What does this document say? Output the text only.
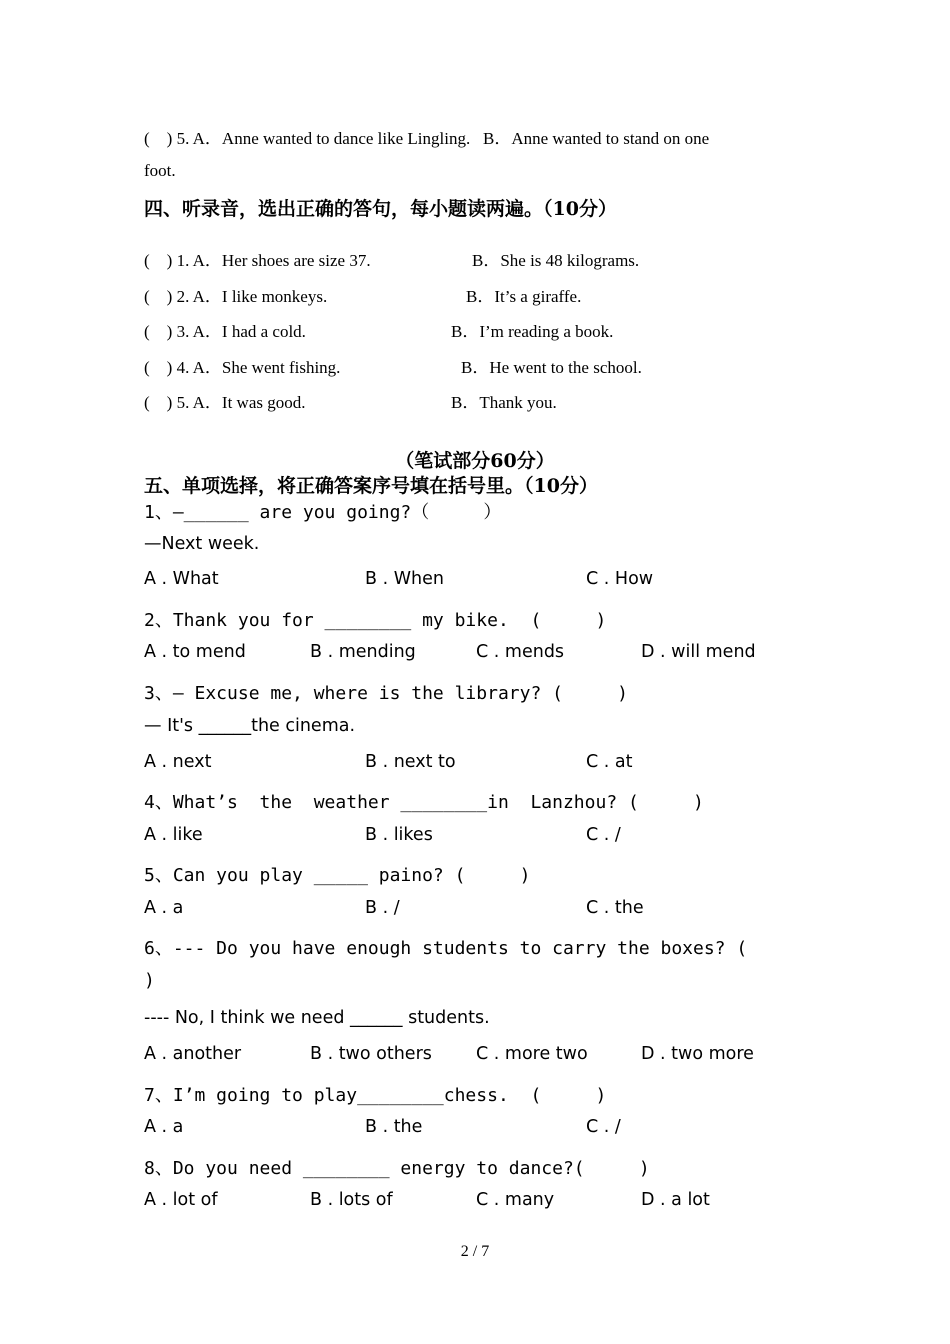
(    ) 5. A．Anne wanted to dance like Lingling.   B．Anne wanted to stand on one
foot.
四、听录音，选出正确的答句，每小题读两遍。（10分）
(    ) 1. A．Her shoes are size 37.	B．She is 48 kilograms.
(    ) 2. A．I like monkeys.	B．It’s a giraffe.
(    ) 3. A．I had a cold.	B．I’m reading a book.
(    ) 4. A．She went fishing.	B．He went to the school.
(    ) 5. A．It was good.	B．Thank you.
（笔试部分60分）
五、单项选择，将正确答案序号填在括号里。（10分）
1、—______ are you going?（     ）
—Next week.
A . What	B . When	C . How
2、Thank you for ________ my bike.  (     )
A . to mend	B . mending	C . mends	D . will mend
3、— Excuse me, where is the library? (     )
— It's ______the cinema.
A . next	B . next to	C . at
4、What’s  the  weather ________in  Lanzhou? (     )
A . like	B . likes	C . /
5、Can you play _____ paino? (     )
A . a	B . /	C . the
6、--- Do you have enough students to carry the boxes? (
)
---- No, I think we need ______ students.
A . another	B . two others	C . more two	D . two more
7、I’m going to play________chess.  (     )
A . a	B . the	C . /
8、Do you need ________ energy to dance?(     )
A . lot of	B . lots of	C . many	D . a lot
2 / 7
